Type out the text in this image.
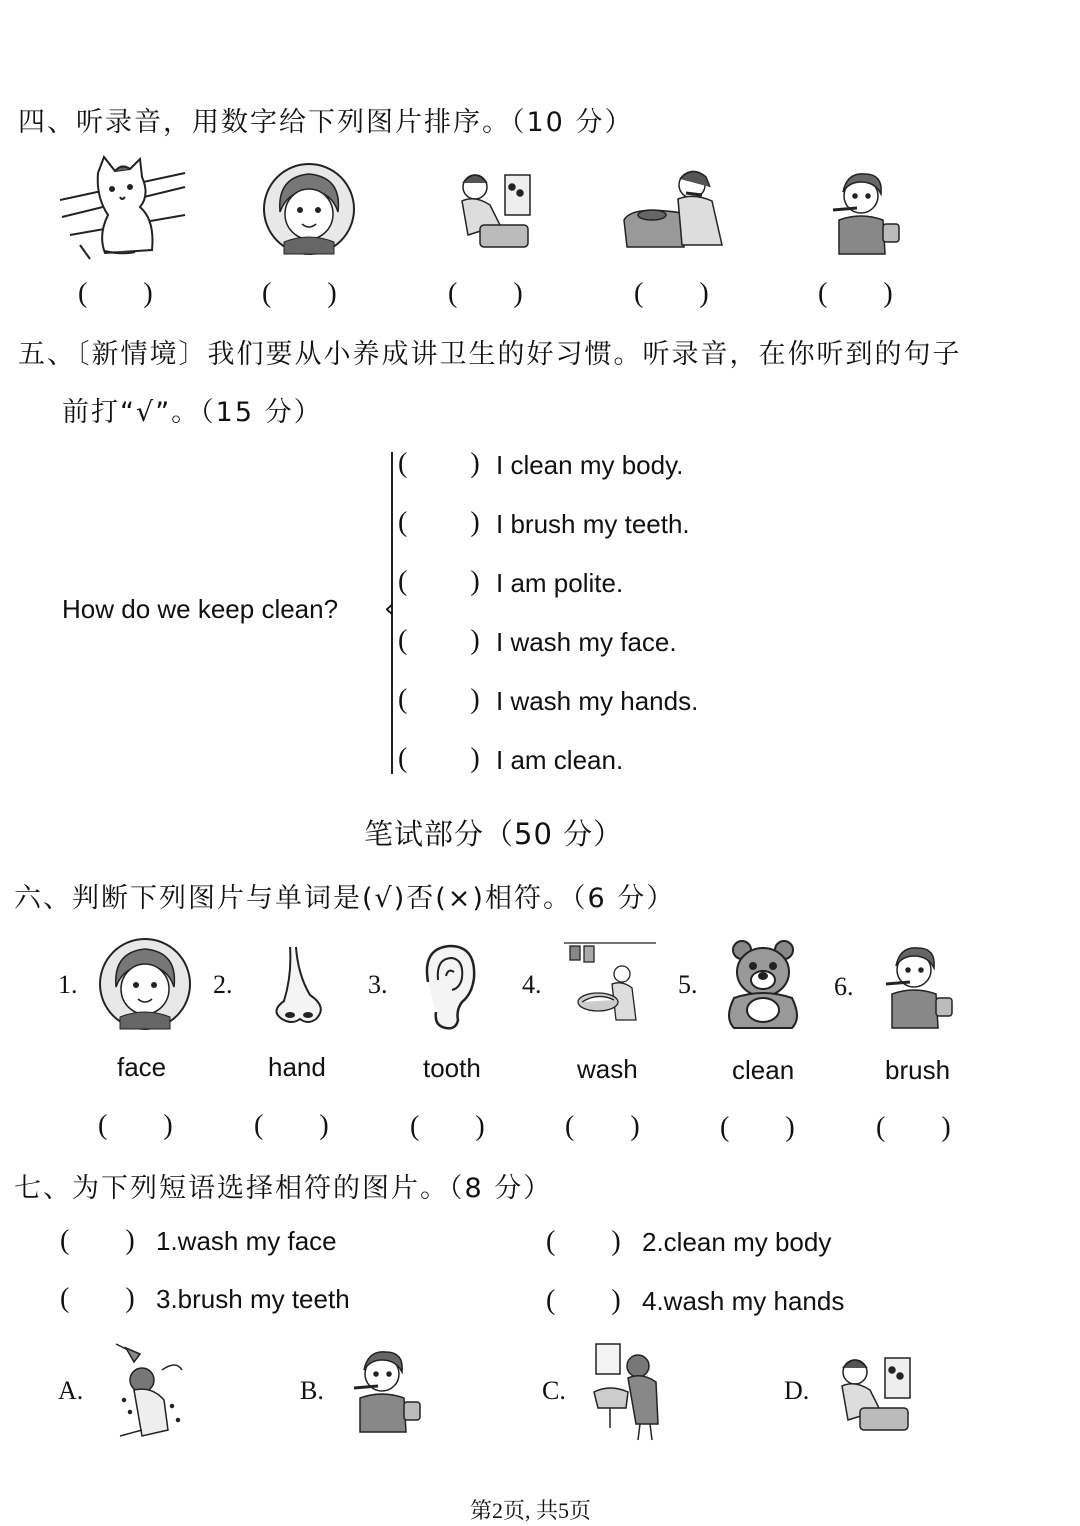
四、听录音，用数字给下列图片排序。（10 分）
(        )	(        )	(        )	(        )	(        )
五、〔新情境〕我们要从小养成讲卫生的好习惯。听录音，在你听到的句子
前打“√”。（15 分）
How do we keep clean? ‹
(         ) I clean my body.
(         ) I brush my teeth.
(         ) I am polite.
(         ) I wash my face.
(         ) I wash my hands.
(         ) I am clean.
笔试部分（50 分）
六、判断下列图片与单词是(√)否(×)相符。（6 分）
1.	2.	3.	4.	5.	6.
face	hand	tooth	wash	clean	brush
(        )	(        )	(        )	(        )	(        )	(        )
七、为下列短语选择相符的图片。（8 分）
(        ) 1.wash my face	(        ) 2.clean my body
(        ) 3.brush my teeth	(        ) 4.wash my hands
A.	B.	C.	D.
第2页, 共5页
